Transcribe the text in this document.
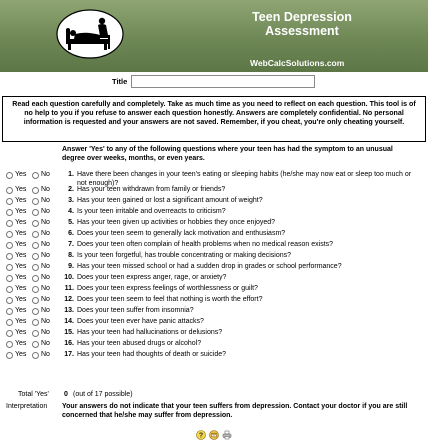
Teen Depression
Assessment
WebCalcSolutions.com
Title
Read each question carefully and completely. Take as much time as you need to reflect on each question. This tool is of no help to you if you refuse to answer each question honestly. Answers are completely confidential. No personal information is requested and your answers are not saved. Remember, if you cheat, you're only cheating yourself.
Answer 'Yes' to any of the following questions where your teen has had the symptom to an unusual degree over weeks, months, or even years.
Yes No	1. Have there been changes in your teen's eating or sleeping habits (he/she may now eat or sleep too much or not enough)?
Yes No	2. Has your teen withdrawn from family or friends?
Yes No	3. Has your teen gained or lost a significant amount of weight?
Yes No	4. Is your teen irritable and overreacts to criticism?
Yes No	5. Has your teen given up activities or hobbies they once enjoyed?
Yes No	6. Does your teen seem to generally lack motivation and enthusiasm?
Yes No	7. Does your teen often complain of health problems when no medical reason exists?
Yes No	8. Is your teen forgetful, has trouble concentrating or making decisions?
Yes No	9. Has your teen missed school or had a sudden drop in grades or school performance?
Yes No	10. Does your teen express anger, rage, or anxiety?
Yes No	11. Does your teen express feelings of worthlessness or guilt?
Yes No	12. Does your teen seem to feel that nothing is worth the effort?
Yes No	13. Does your teen suffer from insomnia?
Yes No	14. Does your teen ever have panic attacks?
Yes No	15. Has your teen had hallucinations or delusions?
Yes No	16. Has your teen abused drugs or alcohol?
Yes No	17. Has your teen had thoughts of death or suicide?
Total 'Yes' 0 (out of 17 possible)
Interpretation Your answers do not indicate that your teen suffers from depression. Contact your doctor if you are still concerned that he/she may suffer from depression.
?
